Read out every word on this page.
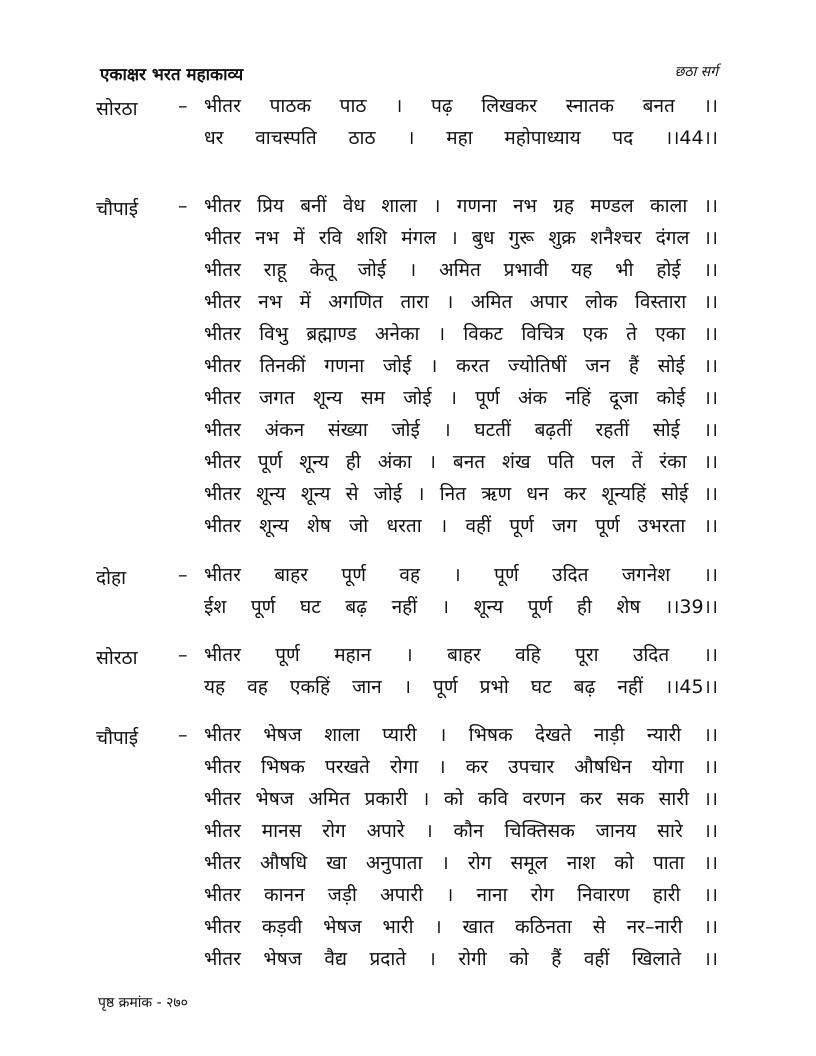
एकाक्षर भरत महाकाव्य	छठा सर्ग
सोरठा – भीतर पाठक पाठ । पढ़ लिखकर स्नातक बनत ।।
धर वाचस्पति ठाठ । महा महोपाध्याय पद ।।44।।
चौपाई – भीतर प्रिय बनीं वेध शाला । गणना नभ ग्रह मण्डल काला ।।
भीतर नभ में रवि शशि मंगल । बुध गुरू शुक्र शनैश्चर दंगल ।।
भीतर राहू केतू जोई । अमित प्रभावी यह भी होई ।।
भीतर नभ में अगणित तारा । अमित अपार लोक विस्तारा ।।
भीतर विभु ब्रह्माण्ड अनेका । विकट विचित्र एक ते एका ।।
भीतर तिनकीं गणना जोई । करत ज्योतिषीं जन हैं सोई ।।
भीतर जगत शून्य सम जोई । पूर्ण अंक नहिं दूजा कोई ।।
भीतर अंकन संख्या जोई । घटतीं बढ़तीं रहतीं सोई ।।
भीतर पूर्ण शून्य ही अंका । बनत शंख पति पल तें रंका ।।
भीतर शून्य शून्य से जोई । नित ऋण धन कर शून्यहिं सोई ।।
भीतर शून्य शेष जो धरता । वहीं पूर्ण जग पूर्ण उभरता ।।
दोहा	– भीतर बाहर पूर्ण वह । पूर्ण उदित जगनेश ।।
ईश पूर्ण घट बढ़ नहीं । शून्य पूर्ण ही शेष ।।39।।
सोरठा – भीतर पूर्ण महान । बाहर वहि पूरा उदित ।।
यह वह एकहिं जान । पूर्ण प्रभो घट बढ़ नहीं ।।45।।
चौपाई – भीतर भेषज शाला प्यारी । भिषक देखते नाड़ी न्यारी ।।
भीतर भिषक परखते रोगा । कर उपचार औषधिन योगा ।।
भीतर भेषज अमित प्रकारी । को कवि वरणन कर सक सारी ।।
भीतर मानस रोग अपारे । कौन चिक्तिसक जानय सारे ।।
भीतर औषधि खा अनुपाता । रोग समूल नाश को पाता ।।
भीतर कानन जड़ी अपारी । नाना रोग निवारण हारी ।।
भीतर कड़वी भेषज भारी । खात कठिनता से नर–नारी ।।
भीतर भेषज वैद्य प्रदाते । रोगी को हैं वहीं खिलाते ।।
पृष्ठ क्रमांक - २७०
